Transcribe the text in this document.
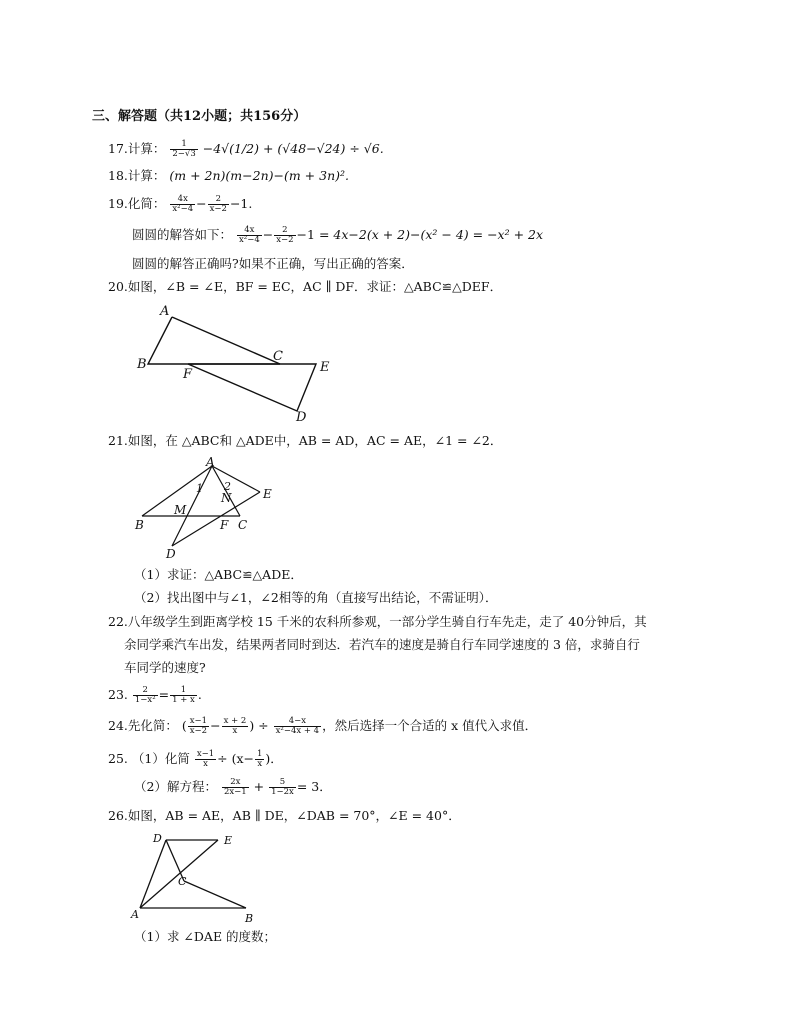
三、解答题（共12小题；共156分）
17.计算： $\frac{1}{2-√3} -4√(1/2) + (√48-√24) \div √6$.
18.计算： (m + 2n)(m−2n)−(m + 3n)².
19.化简： $\frac{4x}{\text{x²−4}} - \frac{2}{x-2} -1$.
圆圆的解答如下： $\frac{4x}{\text{x²−4}} - \frac{2}{x-2} -1 = 4x-2(x + 2)-(x^2 - 4) = -x^2 + 2x$
圆圆的解答正确吗?如果不正确，写出正确的答案．
20.如图，∠B = ∠E，BF = EC，AC ∥ DF．求证：△ABC≌△DEF．
A
B
C
D
E
F
21.如图，在 △ABC和 △ADE中，AB = AD，AC = AE，∠1 = ∠2．
A
B	C
D
E
F
M
N
1 2
（1）求证：△ABC≌△ADE．
（2）找出图中与∠1，∠2相等的角（直接写出结论，不需证明）．
22.八年级学生到距离学校 15 千米的农科所参观，一部分学生骑自行车先走，走了 40分钟后，其
余同学乘汽车出发，结果两者同时到达．若汽车的速度是骑自行车同学速度的 3 倍，求骑自行
车同学的速度?
23. $\frac{2}{\text{1−x²}} = \frac{1}{1 + x}$ .
24.先化简： ( $\frac{x-1}{x-2} - \frac{x + 2}{x}$ ) ÷ $\frac{4-x}{\text{x²−4x + 4}}$ ，然后选择一个合适的 x 值代入求值．
25. （1）化简 $\frac{x-1}{x} \div (x- \frac{1}{x}$ )．
（2）解方程： $\frac{2x}{2x-1} + \frac{5}{1-2x} = 3$．
26.如图，AB = AE，AB ∥ DE，∠DAB = 70°，∠E = 40°．
A	B
C
D	E
（1）求 ∠DAE 的度数；
